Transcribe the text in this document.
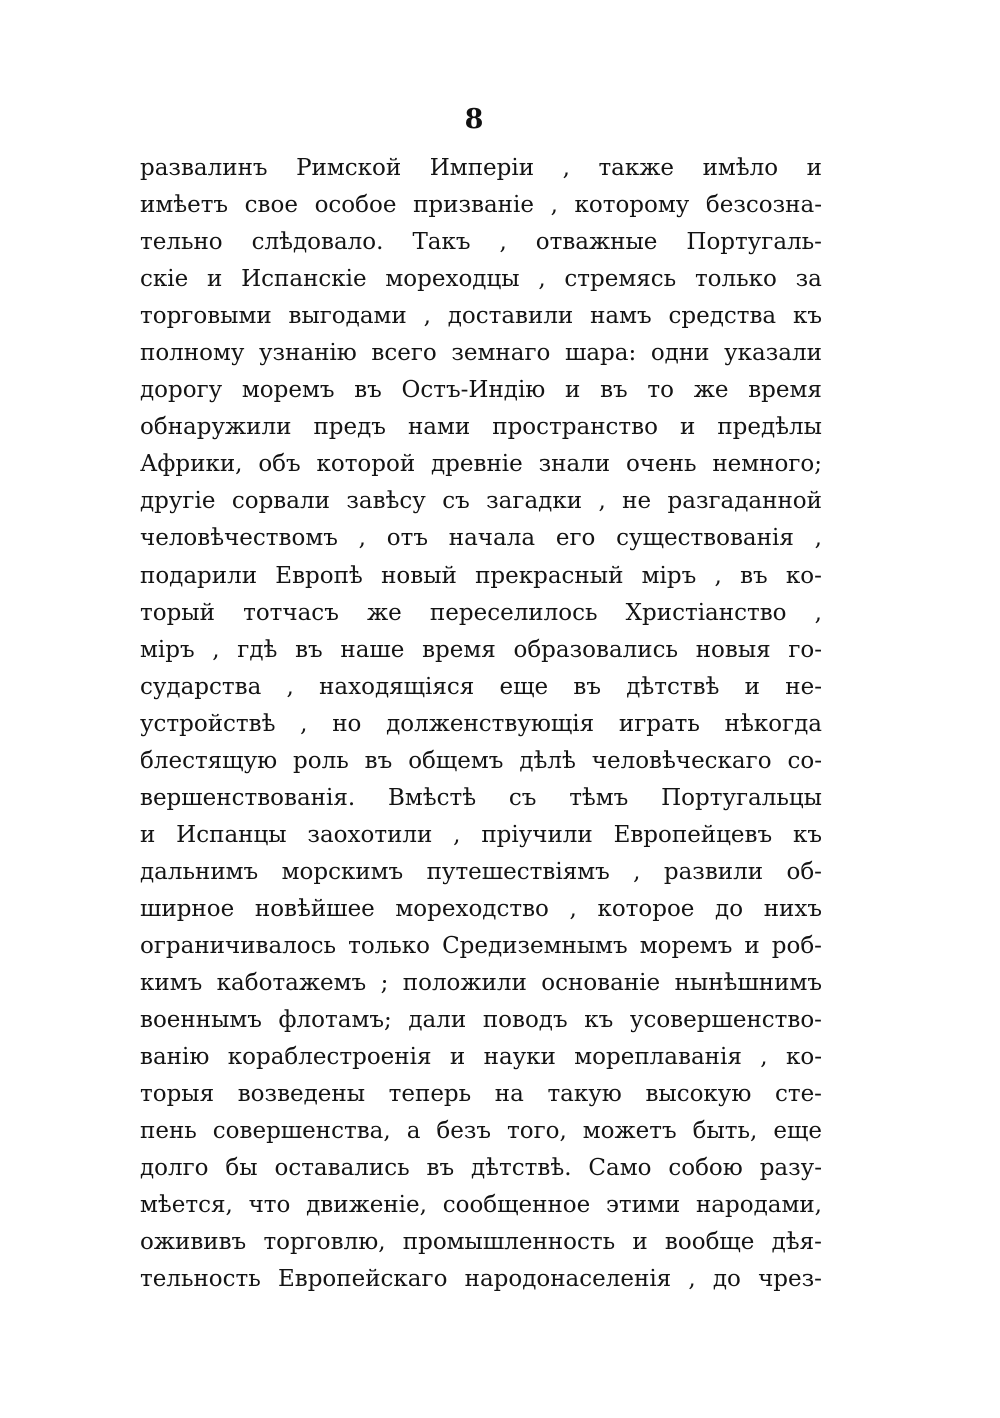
8
развалинъ Римской Имперіи , также имѣло и
имѣетъ свое особое призваніе , которому безсозна-
тельно слѣдовало. Такъ , отважные Португаль-
скіе и Испанскіе мореходцы , стремясь только за
торговыми выгодами , доставили намъ средства къ
полному узнанію всего земнаго шара: одни указали
дорогу моремъ въ Остъ-Индію и въ то же время
обнаружили предъ нами пространство и предѣлы
Африки, объ которой древніе знали очень немного;
другіе сорвали завѣсу съ загадки , не разгаданной
человѣчествомъ , отъ начала его существованія ,
подарили Европѣ новый прекрасный міръ , въ ко-
торый тотчасъ же переселилось Христіанство ,
міръ , гдѣ въ наше время образовались новыя го-
сударства , находящіяся еще въ дѣтствѣ и не-
устройствѣ , но долженствующія играть нѣкогда
блестящую роль въ общемъ дѣлѣ человѣческаго со-
вершенствованія. Вмѣстѣ съ тѣмъ Португальцы
и Испанцы заохотили , пріучили Европейцевъ къ
дальнимъ морскимъ путешествіямъ , развили об-
ширное новѣйшее мореходство , которое до нихъ
ограничивалось только Средиземнымъ моремъ и роб-
кимъ каботажемъ ; положили основаніе нынѣшнимъ
военнымъ флотамъ; дали поводъ къ усовершенство-
ванію кораблестроенія и науки мореплаванія , ко-
торыя возведены теперь на такую высокую сте-
пень совершенства, а безъ того, можетъ быть, еще
долго бы оставались въ дѣтствѣ. Само собою разу-
мѣется, что движеніе, сообщенное этими народами,
ожививъ торговлю, промышленность и вообще дѣя-
тельность Европейскаго народонаселенія , до чрез-
